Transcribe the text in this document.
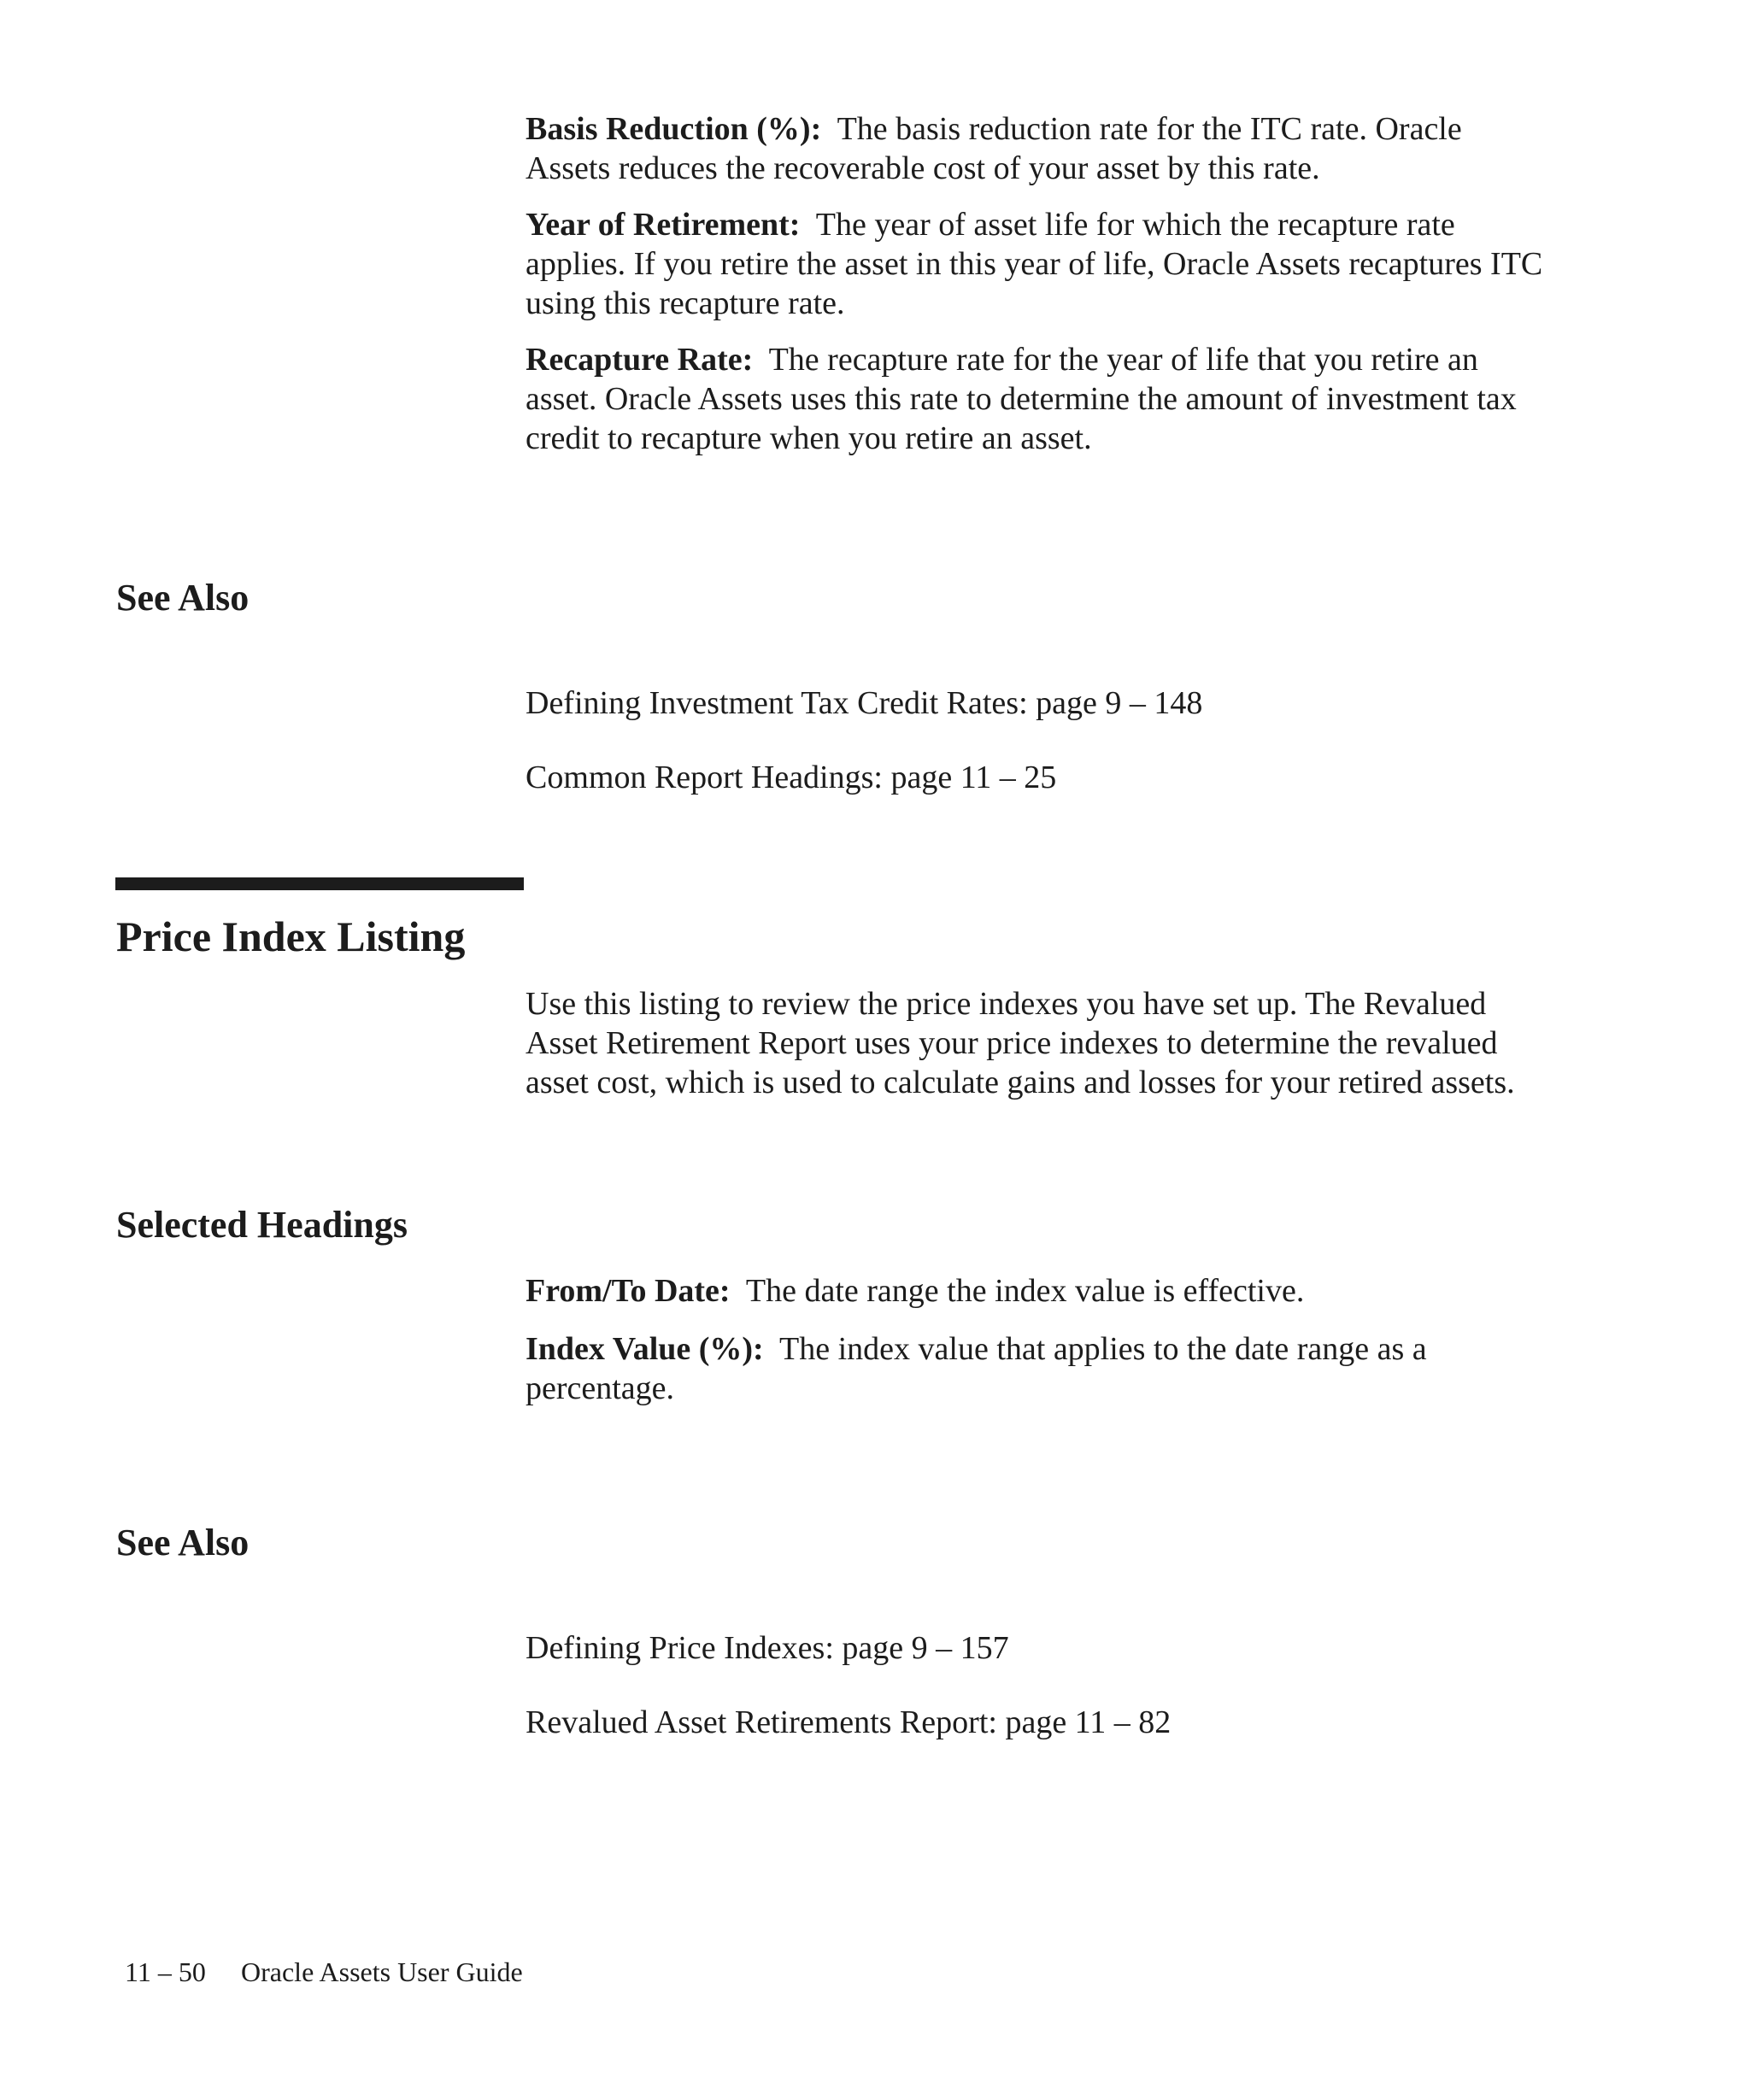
Basis Reduction (%): The basis reduction rate for the ITC rate. Oracle Assets reduces the recoverable cost of your asset by this rate.
Year of Retirement: The year of asset life for which the recapture rate applies. If you retire the asset in this year of life, Oracle Assets recaptures ITC using this recapture rate.
Recapture Rate: The recapture rate for the year of life that you retire an asset. Oracle Assets uses this rate to determine the amount of investment tax credit to recapture when you retire an asset.
See Also
Defining Investment Tax Credit Rates: page 9 – 148
Common Report Headings: page 11 – 25
Price Index Listing
Use this listing to review the price indexes you have set up. The Revalued Asset Retirement Report uses your price indexes to determine the revalued asset cost, which is used to calculate gains and losses for your retired assets.
Selected Headings
From/To Date: The date range the index value is effective.
Index Value (%): The index value that applies to the date range as a percentage.
See Also
Defining Price Indexes: page 9 – 157
Revalued Asset Retirements Report: page 11 – 82
11 – 50 Oracle Assets User Guide
